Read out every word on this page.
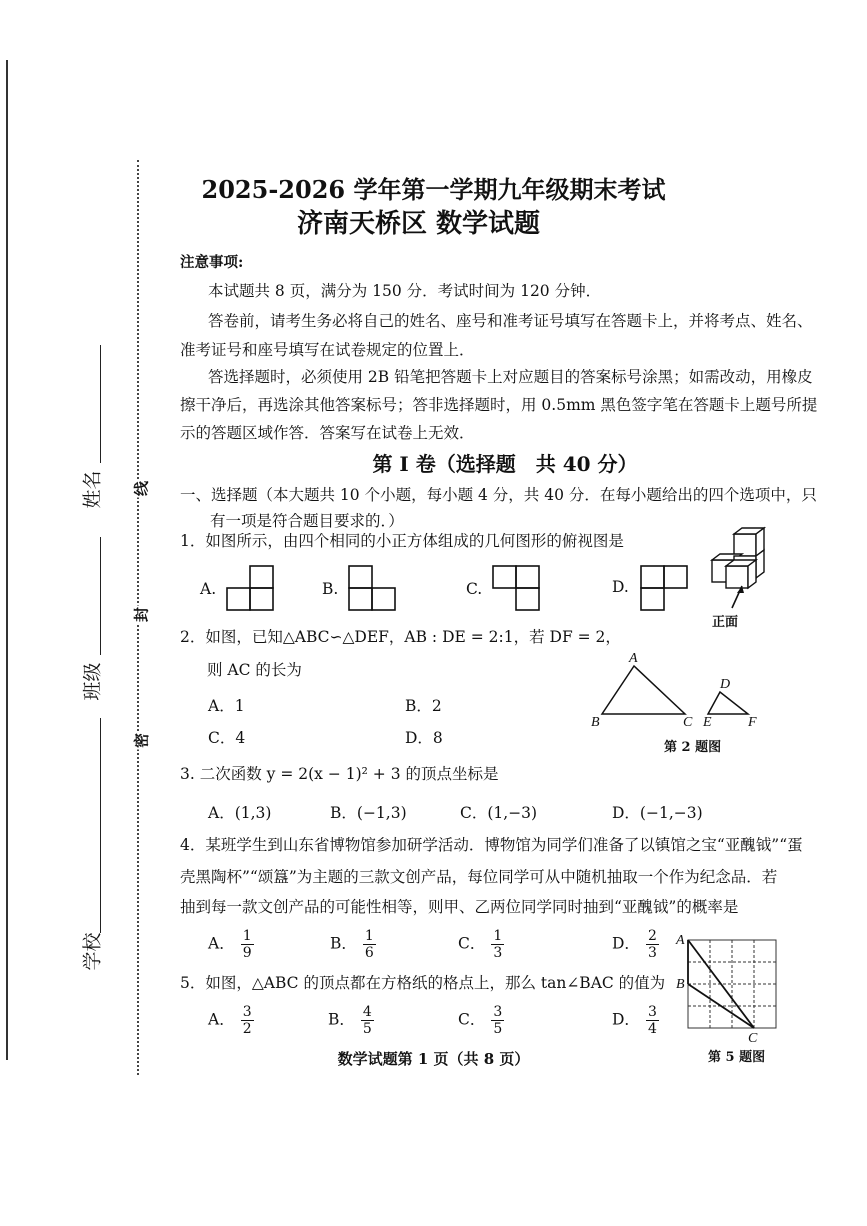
线
封
密
姓名
班级
学校
2025-2026 学年第一学期九年级期末考试
济南天桥区 数学试题
注意事项:
本试题共 8 页，满分为 150 分．考试时间为 120 分钟．
答卷前，请考生务必将自己的姓名、座号和准考证号填写在答题卡上，并将考点、姓名、
准考证号和座号填写在试卷规定的位置上．
答选择题时，必须使用 2B 铅笔把答题卡上对应题目的答案标号涂黑；如需改动，用橡皮
擦干净后，再选涂其他答案标号；答非选择题时，用 0.5mm 黑色签字笔在答题卡上题号所提
示的答题区域作答．答案写在试卷上无效．
第 I 卷（选择题　共 40 分）
一、选择题（本大题共 10 个小题，每小题 4 分，共 40 分．在每小题给出的四个选项中，只
有一项是符合题目要求的．）
1．如图所示，由四个相同的小正方体组成的几何图形的俯视图是
A.	B.	C.	D.
正面
2．如图，已知△ABC∽△DEF，AB : DE = 2:1，若 DF = 2，
则 AC 的长为
A．1	B．2
C．4	D．8
A
B	C
D
E	F
第 2 题图
3. 二次函数 y = 2(x − 1)² + 3 的顶点坐标是
A．(1,3)	B．(−1,3)	C．(1,−3)	D．(−1,−3)
4．某班学生到山东省博物馆参加研学活动．博物馆为同学们准备了以镇馆之宝“亚醜钺”“蛋
壳黑陶杯”“颂簋”为主题的三款文创产品，每位同学可从中随机抽取一个作为纪念品．若
抽到每一款文创产品的可能性相等，则甲、乙两位同学同时抽到“亚醜钺”的概率是
A． $\frac{1}{9}$	B． $\frac{1}{6}$	C． $\frac{1}{3}$	D． $\frac{2}{3}$ A
B
C
5．如图，△ABC 的顶点都在方格纸的格点上，那么 tan∠BAC 的值为
A． $\frac{3}{2}$	B． $\frac{4}{5}$	C． $\frac{3}{5}$	D． $\frac{3}{4}$
第 5 题图
数学试题第 1 页（共 8 页）
